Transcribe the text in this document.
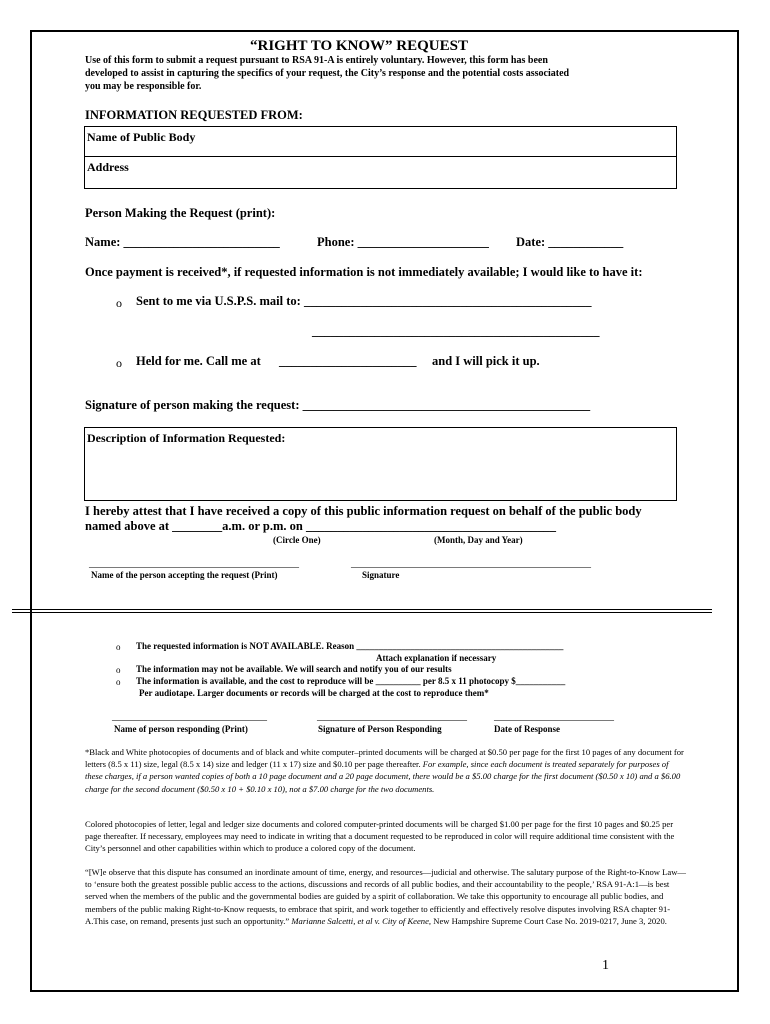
“RIGHT TO KNOW” REQUEST
Use of this form to submit a request pursuant to RSA 91-A is entirely voluntary. However, this form has been
developed to assist in capturing the specifics of your request, the City’s response and the potential costs associated
you may be responsible for.
INFORMATION REQUESTED FROM:
Name of Public Body
Address
Person Making the Request (print):
Name: _________________________	Phone: _____________________ Date: ____________
Once payment is received*, if requested information is not immediately available; I would like to have it:
o Sent to me via U.S.P.S. mail to: ______________________________________________
______________________________________________
o Held for me. Call me at ______________________ and I will pick it up.
Signature of person making the request: ______________________________________________
Description of Information Requested:
I hereby attest that I have received a copy of this public information request on behalf of the public body
named above at ________a.m. or p.m. on ________________________________________
(Circle One)	(Month, Day and Year)
__________________________________________	________________________________________________
Name of the person accepting the request (Print)	Signature
o The requested information is NOT AVAILABLE. Reason ______________________________________________
Attach explanation if necessary
o The information may not be available. We will search and notify you of our results
o The information is available, and the cost to reproduce will be __________ per 8.5 x 11 photocopy $___________
Per audiotape. Larger documents or records will be charged at the cost to reproduce them*
_______________________________	______________________________	________________________
Name of person responding (Print)	Signature of Person Responding	Date of Response
*Black and White photocopies of documents and of black and white computer–printed documents will be charged at $0.50 per page for the first 10 pages of any document for letters (8.5 x 11) size, legal (8.5 x 14) size and ledger (11 x 17) size and $0.10 per page thereafter. For example, since each document is treated separately for purposes of these charges, if a person wanted copies of both a 10 page document and a 20 page document, there would be a $5.00 charge for the first document ($0.50 x 10) and a $6.00 charge for the second document ($0.50 x 10 + $0.10 x 10), not a $7.00 charge for the two documents.
Colored photocopies of letter, legal and ledger size documents and colored computer-printed documents will be charged $1.00 per page for the first 10 pages and $0.25 per page thereafter. If necessary, employees may need to indicate in writing that a document requested to be reproduced in color will require additional time consistent with the City’s personnel and other capabilities within which to produce a colored copy of the document.
“[W]e observe that this dispute has consumed an inordinate amount of time, energy, and resources—judicial and otherwise. The salutary purpose of the Right-to-Know Law—to ‘ensure both the greatest possible public access to the actions, discussions and records of all public bodies, and their accountability to the people,’ RSA 91-A:1—is best served when the members of the public and the governmental bodies are guided by a spirit of collaboration. We take this opportunity to encourage all public bodies, and members of the public making Right-to-Know requests, to embrace that spirit, and work together to efficiently and effectively resolve disputes involving RSA chapter 91-A.This case, on remand, presents just such an opportunity.” Marianne Salcetti, et al v. City of Keene, New Hampshire Supreme Court Case No. 2019-0217, June 3, 2020.
1
